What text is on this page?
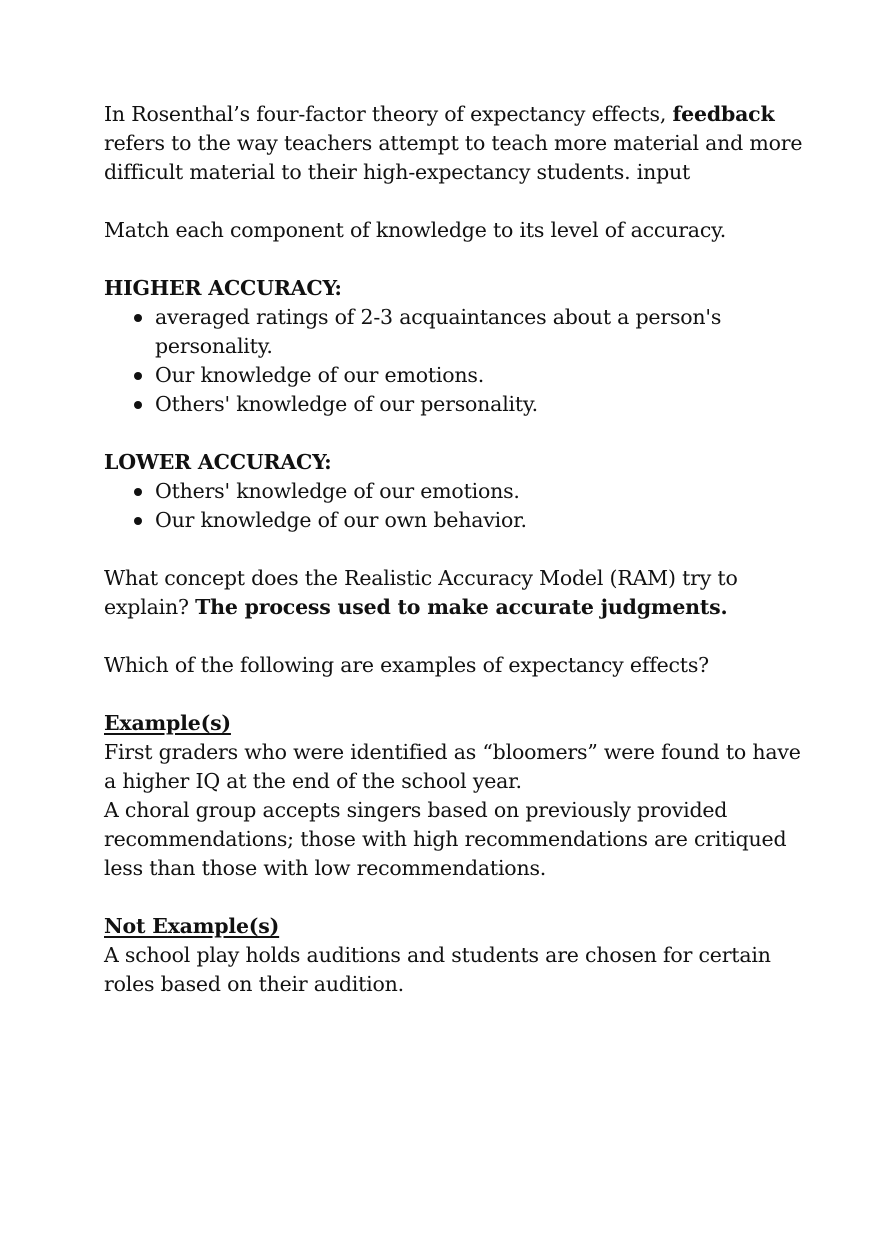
In Rosenthal’s four-factor theory of expectancy effects, feedback refers to the way teachers attempt to teach more material and more difficult material to their high-expectancy students. input

Match each component of knowledge to its level of accuracy.

HIGHER ACCURACY:

averaged ratings of 2-3 acquaintances about a person's personality.
Our knowledge of our emotions.
Others' knowledge of our personality.

LOWER ACCURACY:

Others' knowledge of our emotions.
Our knowledge of our own behavior.

What concept does the Realistic Accuracy Model (RAM) try to explain? The process used to make accurate judgments.

Which of the following are examples of expectancy effects?

Example(s)

First graders who were identified as “bloomers” were found to have a higher IQ at the end of the school year.

A choral group accepts singers based on previously provided recommendations; those with high recommendations are critiqued less than those with low recommendations.

Not Example(s)

A school play holds auditions and students are chosen for certain roles based on their audition.
